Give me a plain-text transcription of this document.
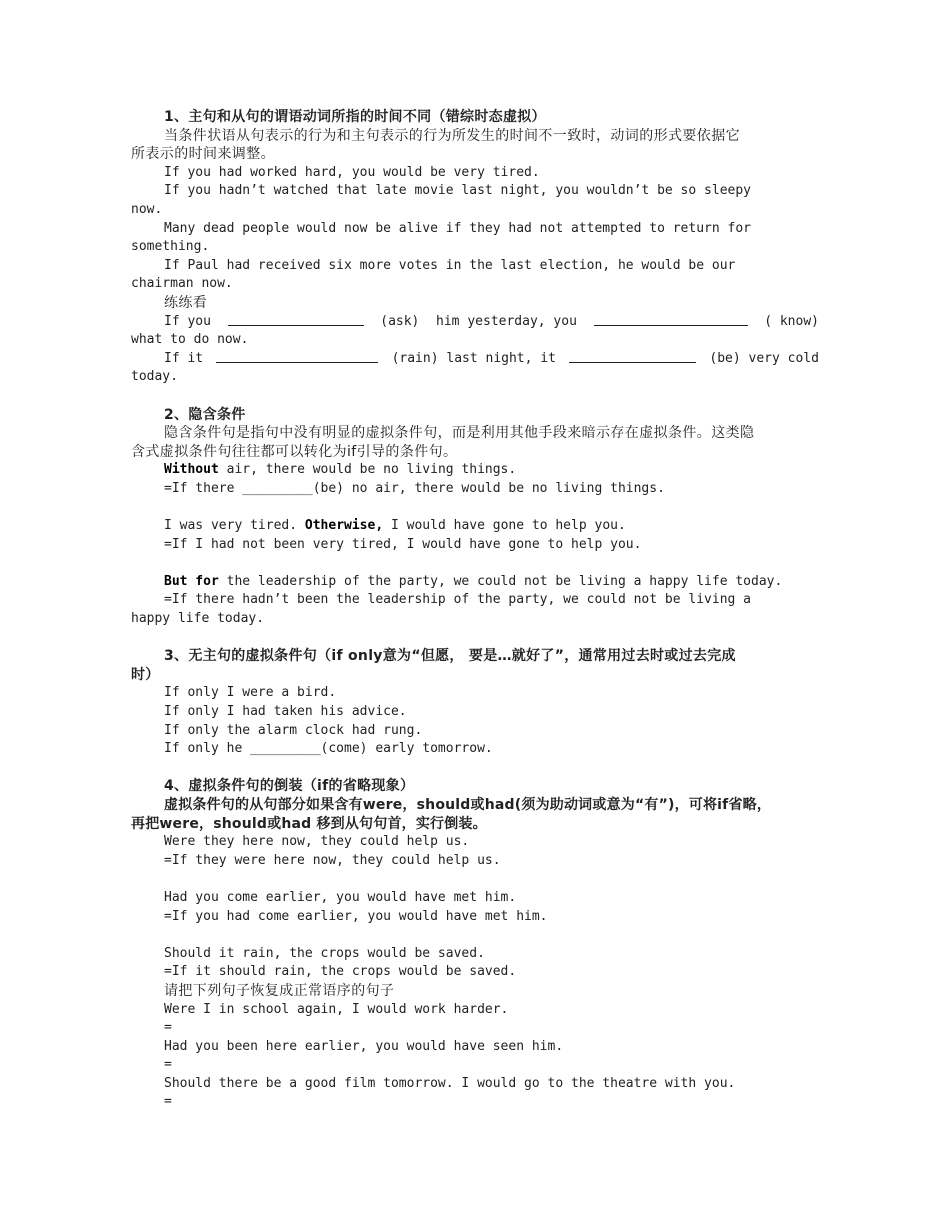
1、主句和从句的谓语动词所指的时间不同（错综时态虚拟）
当条件状语从句表示的行为和主句表示的行为所发生的时间不一致时，动词的形式要依据它
所表示的时间来调整。
If you had worked hard, you would be very tired.
If you hadn’t watched that late movie last night, you wouldn’t be so sleepy
now.
Many dead people would now be alive if they had not attempted to return for
something.
If Paul had received six more votes in the last election, he would be our
chairman now.
练练看
If you	(ask) him yesterday, you	( know)
what to do now.
If it	(rain) last night, it	(be) very cold
today.
2、隐含条件
隐含条件句是指句中没有明显的虚拟条件句，而是利用其他手段来暗示存在虚拟条件。这类隐
含式虚拟条件句往往都可以转化为if引导的条件句。
Without air, there would be no living things.
=If there _________(be) no air, there would be no living things.
I was very tired. Otherwise, I would have gone to help you.
=If I had not been very tired, I would have gone to help you.
But for the leadership of the party, we could not be living a happy life today.
=If there hadn’t been the leadership of the party, we could not be living a
happy life today.
3、无主句的虚拟条件句（if only意为“但愿， 要是…就好了”，通常用过去时或过去完成
时）
If only I were a bird.
If only I had taken his advice.
If only the alarm clock had rung.
If only he _________(come) early tomorrow.
4、虚拟条件句的倒装（if的省略现象）
虚拟条件句的从句部分如果含有were，should或had(须为助动词或意为“有”)，可将if省略，
再把were，should或had 移到从句句首，实行倒装。
Were they here now, they could help us.
=If they were here now, they could help us.
Had you come earlier, you would have met him.
=If you had come earlier, you would have met him.
Should it rain, the crops would be saved.
=If it should rain, the crops would be saved.
请把下列句子恢复成正常语序的句子
Were I in school again, I would work harder.
=
Had you been here earlier, you would have seen him.
=
Should there be a good film tomorrow. I would go to the theatre with you.
=
